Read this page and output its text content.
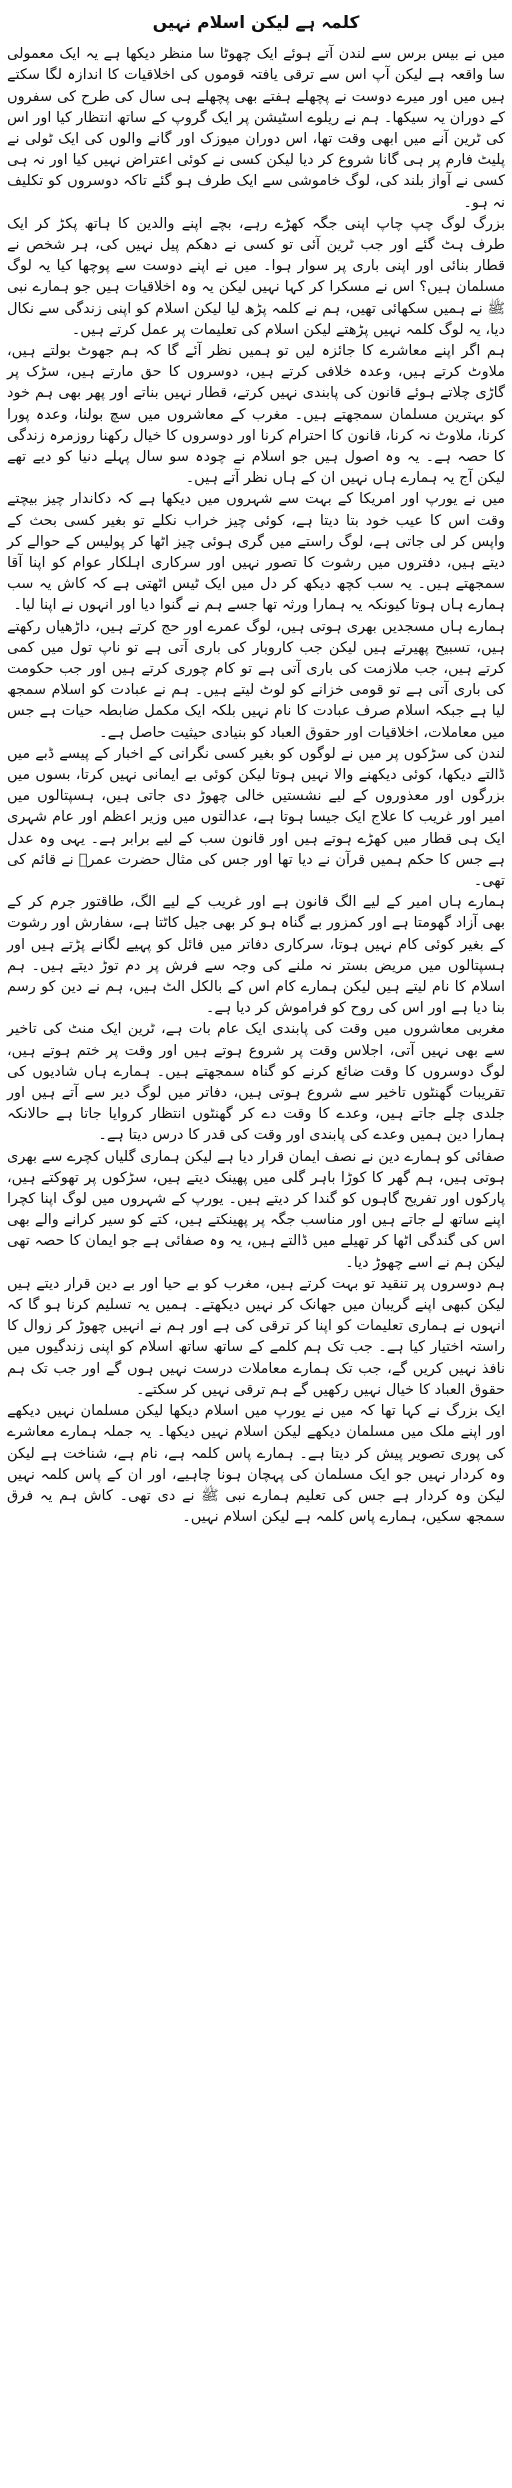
کلمہ ہے لیکن اسلام نہیں

میں نے بیس برس سے لندن آتے ہوئے ایک چھوٹا سا منظر دیکھا ہے یہ ایک معمولی سا واقعہ ہے لیکن آپ اس سے ترقی یافتہ قوموں کی اخلاقیات کا اندازہ لگا سکتے ہیں میں اور میرے دوست نے پچھلے ہفتے بھی پچھلے ہی سال کی طرح کی سفروں کے دوران یہ سیکھا۔ ہم نے ریلوے اسٹیشن پر ایک گروپ کے ساتھ انتظار کیا اور اس کی ٹرین آنے میں ابھی وقت تھا، اس دوران میوزک اور گانے والوں کی ایک ٹولی نے پلیٹ فارم پر ہی گانا شروع کر دیا لیکن کسی نے کوئی اعتراض نہیں کیا اور نہ ہی کسی نے آواز بلند کی، لوگ خاموشی سے ایک طرف ہو گئے تاکہ دوسروں کو تکلیف نہ ہو۔

بزرگ لوگ چپ چاپ اپنی جگہ کھڑے رہے، بچے اپنے والدین کا ہاتھ پکڑ کر ایک طرف ہٹ گئے اور جب ٹرین آئی تو کسی نے دھکم پیل نہیں کی، ہر شخص نے قطار بنائی اور اپنی باری پر سوار ہوا۔ میں نے اپنے دوست سے پوچھا کیا یہ لوگ مسلمان ہیں؟ اس نے مسکرا کر کہا نہیں لیکن یہ وہ اخلاقیات ہیں جو ہمارے نبی ﷺ نے ہمیں سکھائی تھیں، ہم نے کلمہ پڑھ لیا لیکن اسلام کو اپنی زندگی سے نکال دیا، یہ لوگ کلمہ نہیں پڑھتے لیکن اسلام کی تعلیمات پر عمل کرتے ہیں۔

ہم اگر اپنے معاشرے کا جائزہ لیں تو ہمیں نظر آئے گا کہ ہم جھوٹ بولتے ہیں، ملاوٹ کرتے ہیں، وعدہ خلافی کرتے ہیں، دوسروں کا حق مارتے ہیں، سڑک پر گاڑی چلاتے ہوئے قانون کی پابندی نہیں کرتے، قطار نہیں بناتے اور پھر بھی ہم خود کو بہترین مسلمان سمجھتے ہیں۔ مغرب کے معاشروں میں سچ بولنا، وعدہ پورا کرنا، ملاوٹ نہ کرنا، قانون کا احترام کرنا اور دوسروں کا خیال رکھنا روزمرہ زندگی کا حصہ ہے۔ یہ وہ اصول ہیں جو اسلام نے چودہ سو سال پہلے دنیا کو دیے تھے لیکن آج یہ ہمارے ہاں نہیں ان کے ہاں نظر آتے ہیں۔

میں نے یورپ اور امریکا کے بہت سے شہروں میں دیکھا ہے کہ دکاندار چیز بیچتے وقت اس کا عیب خود بتا دیتا ہے، کوئی چیز خراب نکلے تو بغیر کسی بحث کے واپس کر لی جاتی ہے، لوگ راستے میں گری ہوئی چیز اٹھا کر پولیس کے حوالے کر دیتے ہیں، دفتروں میں رشوت کا تصور نہیں اور سرکاری اہلکار عوام کو اپنا آقا سمجھتے ہیں۔ یہ سب کچھ دیکھ کر دل میں ایک ٹیس اٹھتی ہے کہ کاش یہ سب ہمارے ہاں ہوتا کیونکہ یہ ہمارا ورثہ تھا جسے ہم نے گنوا دیا اور انہوں نے اپنا لیا۔

ہمارے ہاں مسجدیں بھری ہوتی ہیں، لوگ عمرے اور حج کرتے ہیں، داڑھیاں رکھتے ہیں، تسبیح پھیرتے ہیں لیکن جب کاروبار کی باری آتی ہے تو ناپ تول میں کمی کرتے ہیں، جب ملازمت کی باری آتی ہے تو کام چوری کرتے ہیں اور جب حکومت کی باری آتی ہے تو قومی خزانے کو لوٹ لیتے ہیں۔ ہم نے عبادت کو اسلام سمجھ لیا ہے جبکہ اسلام صرف عبادت کا نام نہیں بلکہ ایک مکمل ضابطہ حیات ہے جس میں معاملات، اخلاقیات اور حقوق العباد کو بنیادی حیثیت حاصل ہے۔

لندن کی سڑکوں پر میں نے لوگوں کو بغیر کسی نگرانی کے اخبار کے پیسے ڈبے میں ڈالتے دیکھا، کوئی دیکھنے والا نہیں ہوتا لیکن کوئی بے ایمانی نہیں کرتا، بسوں میں بزرگوں اور معذوروں کے لیے نشستیں خالی چھوڑ دی جاتی ہیں، ہسپتالوں میں امیر اور غریب کا علاج ایک جیسا ہوتا ہے، عدالتوں میں وزیر اعظم اور عام شہری ایک ہی قطار میں کھڑے ہوتے ہیں اور قانون سب کے لیے برابر ہے۔ یہی وہ عدل ہے جس کا حکم ہمیں قرآن نے دیا تھا اور جس کی مثال حضرت عمرؓ نے قائم کی تھی۔

ہمارے ہاں امیر کے لیے الگ قانون ہے اور غریب کے لیے الگ، طاقتور جرم کر کے بھی آزاد گھومتا ہے اور کمزور بے گناہ ہو کر بھی جیل کاٹتا ہے، سفارش اور رشوت کے بغیر کوئی کام نہیں ہوتا، سرکاری دفاتر میں فائل کو پہیے لگانے پڑتے ہیں اور ہسپتالوں میں مریض بستر نہ ملنے کی وجہ سے فرش پر دم توڑ دیتے ہیں۔ ہم اسلام کا نام لیتے ہیں لیکن ہمارے کام اس کے بالکل الٹ ہیں، ہم نے دین کو رسم بنا دیا ہے اور اس کی روح کو فراموش کر دیا ہے۔

مغربی معاشروں میں وقت کی پابندی ایک عام بات ہے، ٹرین ایک منٹ کی تاخیر سے بھی نہیں آتی، اجلاس وقت پر شروع ہوتے ہیں اور وقت پر ختم ہوتے ہیں، لوگ دوسروں کا وقت ضائع کرنے کو گناہ سمجھتے ہیں۔ ہمارے ہاں شادیوں کی تقریبات گھنٹوں تاخیر سے شروع ہوتی ہیں، دفاتر میں لوگ دیر سے آتے ہیں اور جلدی چلے جاتے ہیں، وعدے کا وقت دے کر گھنٹوں انتظار کروایا جاتا ہے حالانکہ ہمارا دین ہمیں وعدے کی پابندی اور وقت کی قدر کا درس دیتا ہے۔

صفائی کو ہمارے دین نے نصف ایمان قرار دیا ہے لیکن ہماری گلیاں کچرے سے بھری ہوتی ہیں، ہم گھر کا کوڑا باہر گلی میں پھینک دیتے ہیں، سڑکوں پر تھوکتے ہیں، پارکوں اور تفریح گاہوں کو گندا کر دیتے ہیں۔ یورپ کے شہروں میں لوگ اپنا کچرا اپنے ساتھ لے جاتے ہیں اور مناسب جگہ پر پھینکتے ہیں، کتے کو سیر کرانے والے بھی اس کی گندگی اٹھا کر تھیلے میں ڈالتے ہیں، یہ وہ صفائی ہے جو ایمان کا حصہ تھی لیکن ہم نے اسے چھوڑ دیا۔

ہم دوسروں پر تنقید تو بہت کرتے ہیں، مغرب کو بے حیا اور بے دین قرار دیتے ہیں لیکن کبھی اپنے گریبان میں جھانک کر نہیں دیکھتے۔ ہمیں یہ تسلیم کرنا ہو گا کہ انہوں نے ہماری تعلیمات کو اپنا کر ترقی کی ہے اور ہم نے انہیں چھوڑ کر زوال کا راستہ اختیار کیا ہے۔ جب تک ہم کلمے کے ساتھ ساتھ اسلام کو اپنی زندگیوں میں نافذ نہیں کریں گے، جب تک ہمارے معاملات درست نہیں ہوں گے اور جب تک ہم حقوق العباد کا خیال نہیں رکھیں گے ہم ترقی نہیں کر سکتے۔

ایک بزرگ نے کہا تھا کہ میں نے یورپ میں اسلام دیکھا لیکن مسلمان نہیں دیکھے اور اپنے ملک میں مسلمان دیکھے لیکن اسلام نہیں دیکھا۔ یہ جملہ ہمارے معاشرے کی پوری تصویر پیش کر دیتا ہے۔ ہمارے پاس کلمہ ہے، نام ہے، شناخت ہے لیکن وہ کردار نہیں جو ایک مسلمان کی پہچان ہونا چاہیے، اور ان کے پاس کلمہ نہیں لیکن وہ کردار ہے جس کی تعلیم ہمارے نبی ﷺ نے دی تھی۔ کاش ہم یہ فرق سمجھ سکیں، ہمارے پاس کلمہ ہے لیکن اسلام نہیں۔
